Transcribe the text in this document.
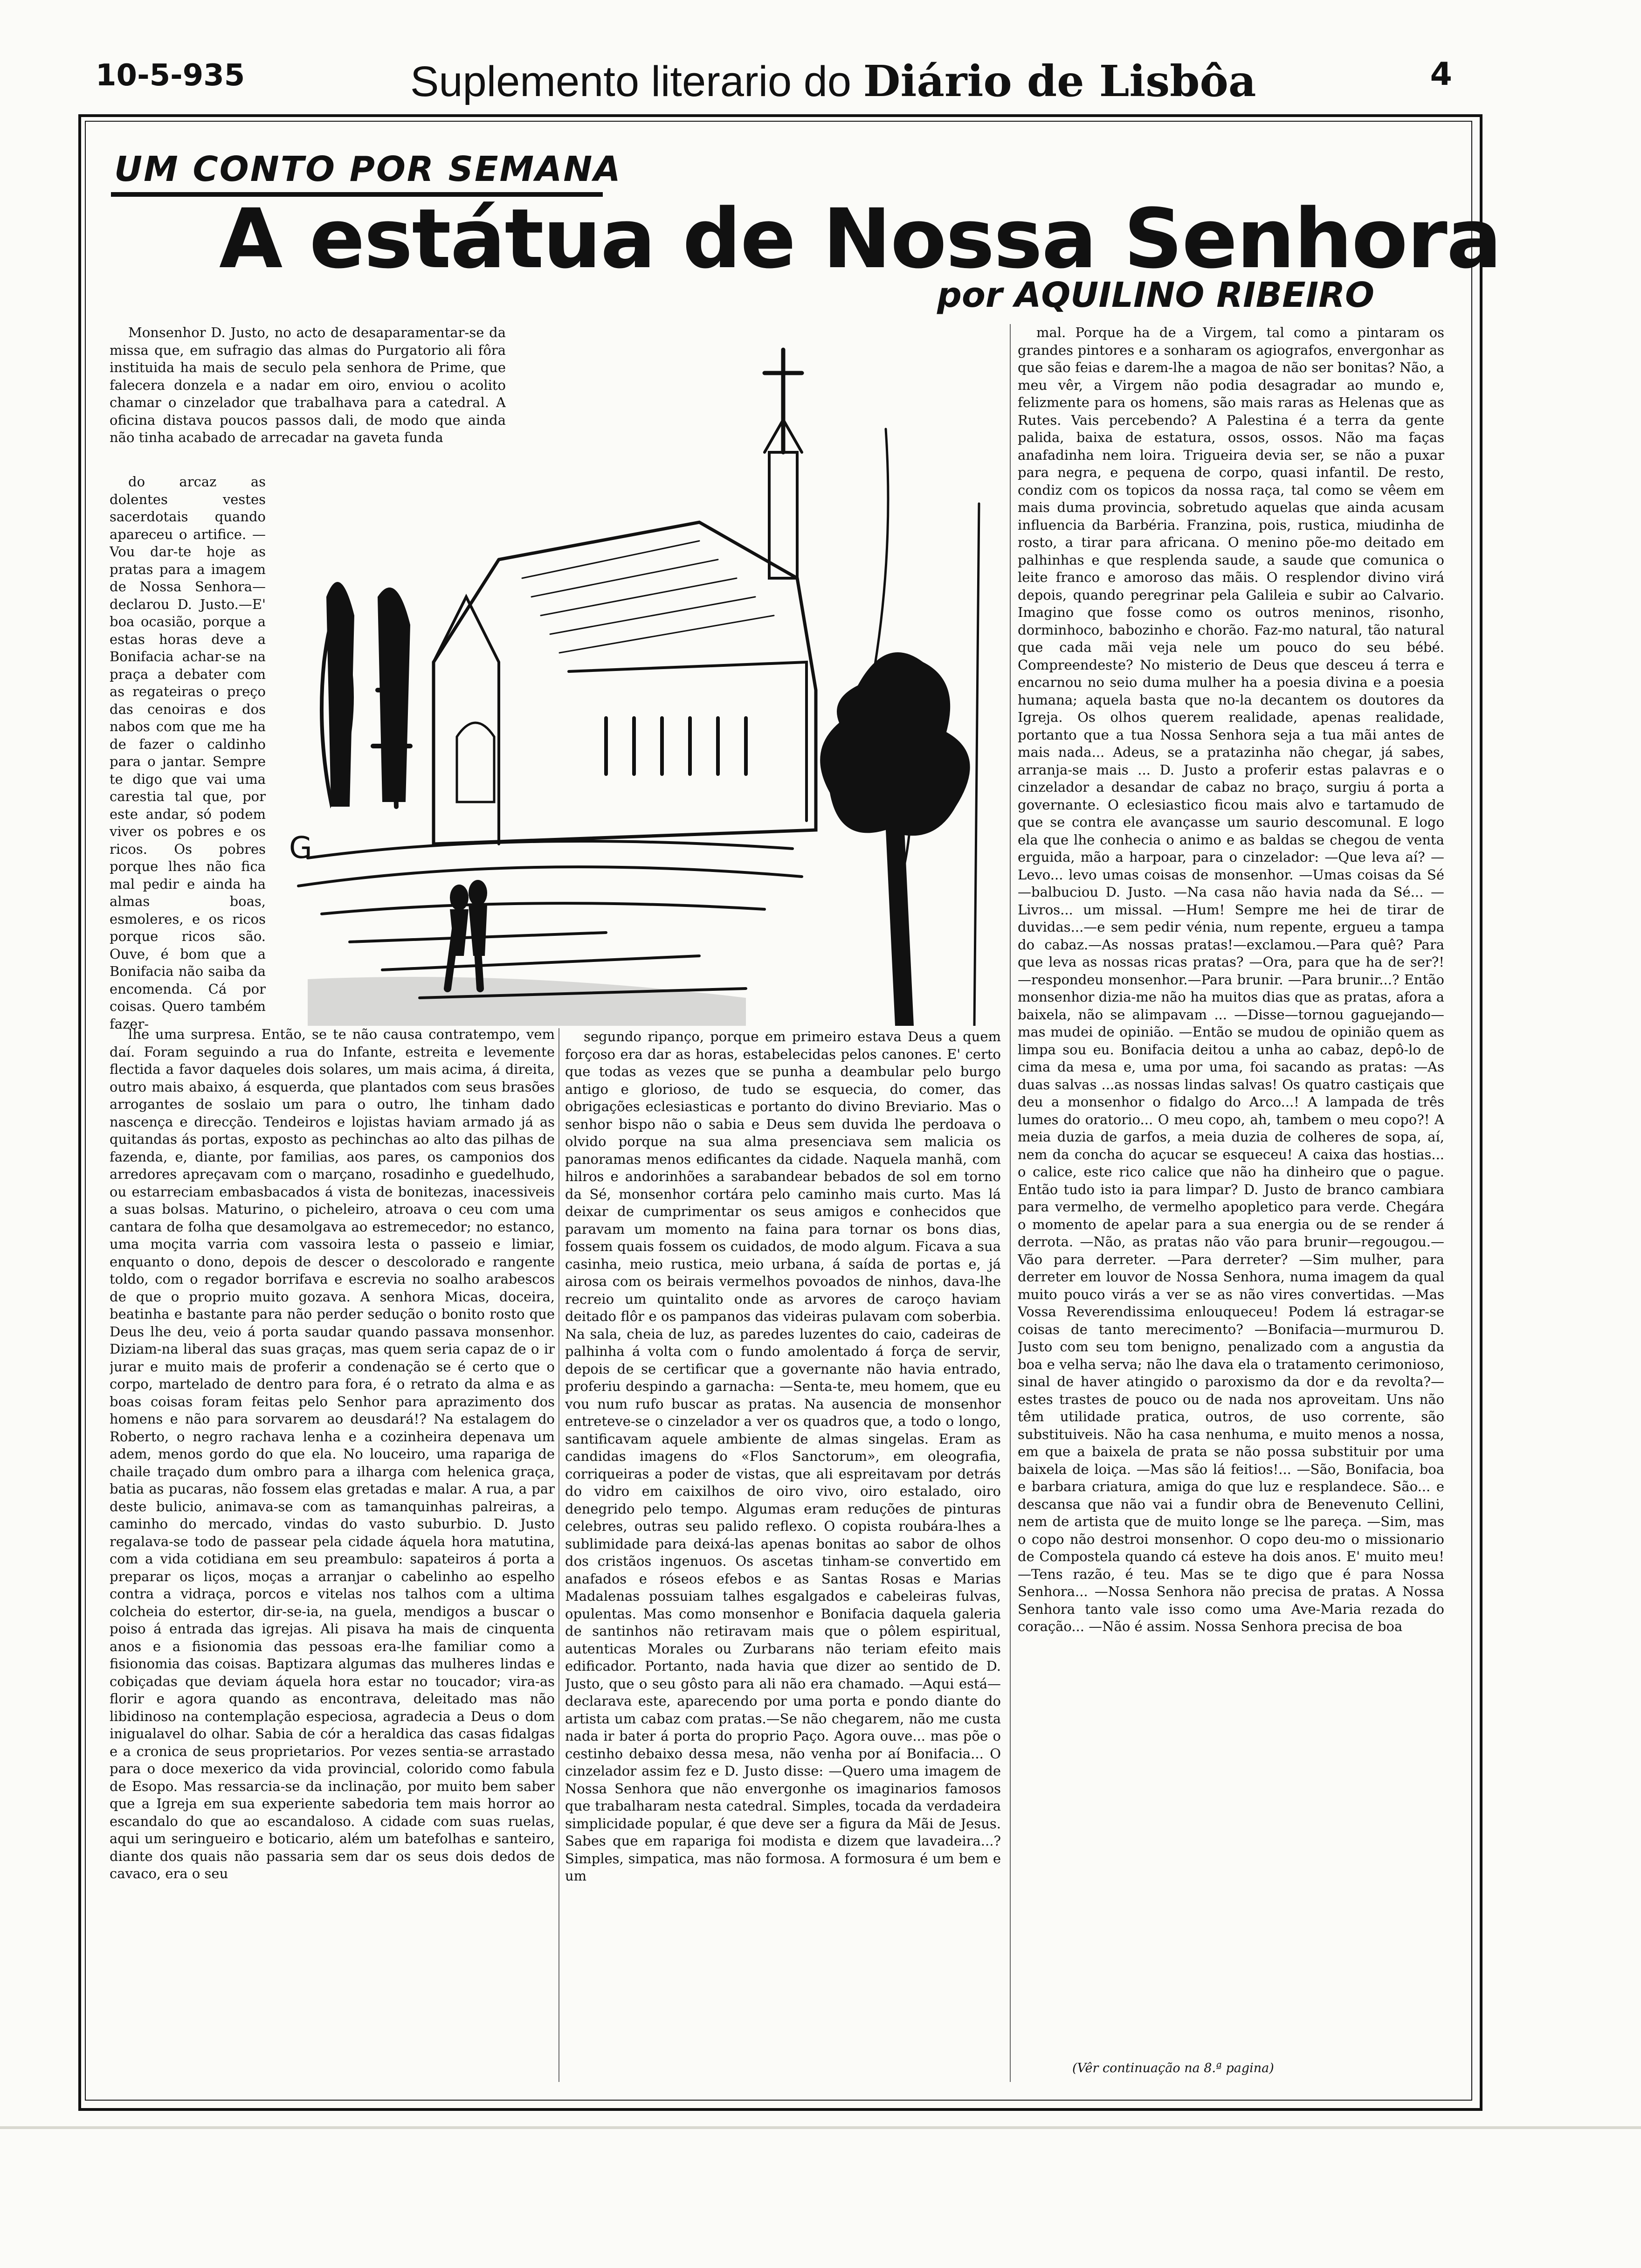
10-5-935	Suplemento literario do Diário de Lisbôa	4
UM CONTO POR SEMANA
A estátua de Nossa Senhora
por AQUILINO RIBEIRO

Monsenhor D. Justo, no acto de desaparamentar-se da missa que, em sufragio das almas do Purgatorio ali fôra instituida ha mais de seculo pela senhora de Prime, que falecera donzela e a nadar em oiro, enviou o acolito chamar o cinzelador que trabalhava para a catedral. A oficina distava poucos passos dali, de modo que ainda não tinha acabado de arrecadar na gaveta funda

do arcaz as dolentes vestes sacerdotais quando apareceu o artifice. —Vou dar-te hoje as pratas para a imagem de Nossa Senhora—declarou D. Justo.—E' boa ocasião, porque a estas horas deve a Bonifacia achar-se na praça a debater com as regateiras o preço das cenoiras e dos nabos com que me ha de fazer o caldinho para o jantar. Sempre te digo que vai uma carestia tal que, por este andar, só podem viver os pobres e os ricos. Os pobres porque lhes não fica mal pedir e ainda ha almas boas, esmoleres, e os ricos porque ricos são. Ouve, é bom que a Bonifacia não saiba da encomenda. Cá por coisas. Quero também fazer-

lhe uma surpresa. Então, se te não causa contratempo, vem daí. Foram seguindo a rua do Infante, estreita e levemente flectida a favor daqueles dois solares, um mais acima, á direita, outro mais abaixo, á esquerda, que plantados com seus brasões arrogantes de soslaio um para o outro, lhe tinham dado nascença e direcção. Tendeiros e lojistas haviam armado já as quitandas ás portas, exposto as pechinchas ao alto das pilhas de fazenda, e, diante, por familias, aos pares, os camponios dos arredores apreçavam com o marçano, rosadinho e guedelhudo, ou estarreciam embasbacados á vista de bonitezas, inacessiveis a suas bolsas. Maturino, o picheleiro, atroava o ceu com uma cantara de folha que desamolgava ao estremecedor; no estanco, uma moçita varria com vassoira lesta o passeio e limiar, enquanto o dono, depois de descer o descolorado e rangente toldo, com o regador borrifava e escrevia no soalho arabescos de que o proprio muito gozava. A senhora Micas, doceira, beatinha e bastante para não perder sedução o bonito rosto que Deus lhe deu, veio á porta saudar quando passava monsenhor. Diziam-na liberal das suas graças, mas quem seria capaz de o ir jurar e muito mais de proferir a condenação se é certo que o corpo, martelado de dentro para fora, é o retrato da alma e as boas coisas foram feitas pelo Senhor para aprazimento dos homens e não para sorvarem ao deusdará!? Na estalagem do Roberto, o negro rachava lenha e a cozinheira depenava um adem, menos gordo do que ela. No louceiro, uma rapariga de chaile traçado dum ombro para a ilharga com helenica graça, batia as pucaras, não fossem elas gretadas e malar. A rua, a par deste bulicio, animava-se com as tamanquinhas palreiras, a caminho do mercado, vindas do vasto suburbio. D. Justo regalava-se todo de passear pela cidade áquela hora matutina, com a vida cotidiana em seu preambulo: sapateiros á porta a preparar os liços, moças a arranjar o cabelinho ao espelho contra a vidraça, porcos e vitelas nos talhos com a ultima colcheia do estertor, dir-se-ia, na guela, mendigos a buscar o poiso á entrada das igrejas. Ali pisava ha mais de cinquenta anos e a fisionomia das pessoas era-lhe familiar como a fisionomia das coisas. Baptizara algumas das mulheres lindas e cobiçadas que deviam áquela hora estar no toucador; vira-as florir e agora quando as encontrava, deleitado mas não libidinoso na contemplação especiosa, agradecia a Deus o dom inigualavel do olhar. Sabia de cór a heraldica das casas fidalgas e a cronica de seus proprietarios. Por vezes sentia-se arrastado para o doce mexerico da vida provincial, colorido como fabula de Esopo. Mas ressarcia-se da inclinação, por muito bem saber que a Igreja em sua experiente sabedoria tem mais horror ao escandalo do que ao escandaloso. A cidade com suas ruelas, aqui um seringueiro e boticario, além um batefolhas e santeiro, diante dos quais não passaria sem dar os seus dois dedos de cavaco, era o seu

segundo ripanço, porque em primeiro estava Deus a quem forçoso era dar as horas, estabelecidas pelos canones. E' certo que todas as vezes que se punha a deambular pelo burgo antigo e glorioso, de tudo se esquecia, do comer, das obrigações eclesiasticas e portanto do divino Breviario. Mas o senhor bispo não o sabia e Deus sem duvida lhe perdoava o olvido porque na sua alma presenciava sem malicia os panoramas menos edificantes da cidade. Naquela manhã, com hilros e andorinhões a sarabandear bebados de sol em torno da Sé, monsenhor cortára pelo caminho mais curto. Mas lá deixar de cumprimentar os seus amigos e conhecidos que paravam um momento na faina para tornar os bons dias, fossem quais fossem os cuidados, de modo algum. Ficava a sua casinha, meio rustica, meio urbana, á saída de portas e, já airosa com os beirais vermelhos povoados de ninhos, dava-lhe recreio um quintalito onde as arvores de caroço haviam deitado flôr e os pampanos das videiras pulavam com soberbia. Na sala, cheia de luz, as paredes luzentes do caio, cadeiras de palhinha á volta com o fundo amolentado á força de servir, depois de se certificar que a governante não havia entrado, proferiu despindo a garnacha: —Senta-te, meu homem, que eu vou num rufo buscar as pratas. Na ausencia de monsenhor entreteve-se o cinzelador a ver os quadros que, a todo o longo, santificavam aquele ambiente de almas singelas. Eram as candidas imagens do «Flos Sanctorum», em oleografia, corriqueiras a poder de vistas, que ali espreitavam por detrás do vidro em caixilhos de oiro vivo, oiro estalado, oiro denegrido pelo tempo. Algumas eram reduções de pinturas celebres, outras seu palido reflexo. O copista roubára-lhes a sublimidade para deixá-las apenas bonitas ao sabor de olhos dos cristãos ingenuos. Os ascetas tinham-se convertido em anafados e róseos efebos e as Santas Rosas e Marias Madalenas possuiam talhes esgalgados e cabeleiras fulvas, opulentas. Mas como monsenhor e Bonifacia daquela galeria de santinhos não retiravam mais que o pôlem espiritual, autenticas Morales ou Zurbarans não teriam efeito mais edificador. Portanto, nada havia que dizer ao sentido de D. Justo, que o seu gôsto para ali não era chamado. —Aqui está—declarava este, aparecendo por uma porta e pondo diante do artista um cabaz com pratas.—Se não chegarem, não me custa nada ir bater á porta do proprio Paço. Agora ouve... mas põe o cestinho debaixo dessa mesa, não venha por aí Bonifacia... O cinzelador assim fez e D. Justo disse: —Quero uma imagem de Nossa Senhora que não envergonhe os imaginarios famosos que trabalharam nesta catedral. Simples, tocada da verdadeira simplicidade popular, é que deve ser a figura da Mãi de Jesus. Sabes que em rapariga foi modista e dizem que lavadeira...? Simples, simpatica, mas não formosa. A formosura é um bem e um

mal. Porque ha de a Virgem, tal como a pintaram os grandes pintores e a sonharam os agiografos, envergonhar as que são feias e darem-lhe a magoa de não ser bonitas? Não, a meu vêr, a Virgem não podia desagradar ao mundo e, felizmente para os homens, são mais raras as Helenas que as Rutes. Vais percebendo? A Palestina é a terra da gente palida, baixa de estatura, ossos, ossos. Não ma faças anafadinha nem loira. Trigueira devia ser, se não a puxar para negra, e pequena de corpo, quasi infantil. De resto, condiz com os topicos da nossa raça, tal como se vêem em mais duma provincia, sobretudo aquelas que ainda acusam influencia da Barbéria. Franzina, pois, rustica, miudinha de rosto, a tirar para africana. O menino põe-mo deitado em palhinhas e que resplenda saude, a saude que comunica o leite franco e amoroso das mãis. O resplendor divino virá depois, quando peregrinar pela Galileia e subir ao Calvario. Imagino que fosse como os outros meninos, risonho, dorminhoco, babozinho e chorão. Faz-mo natural, tão natural que cada mãi veja nele um pouco do seu bébé. Compreendeste? No misterio de Deus que desceu á terra e encarnou no seio duma mulher ha a poesia divina e a poesia humana; aquela basta que no-la decantem os doutores da Igreja. Os olhos querem realidade, apenas realidade, portanto que a tua Nossa Senhora seja a tua mãi antes de mais nada... Adeus, se a pratazinha não chegar, já sabes, arranja-se mais ... D. Justo a proferir estas palavras e o cinzelador a desandar de cabaz no braço, surgiu á porta a governante. O eclesiastico ficou mais alvo e tartamudo de que se contra ele avançasse um saurio descomunal. E logo ela que lhe conhecia o animo e as baldas se chegou de venta erguida, mão a harpoar, para o cinzelador: —Que leva aí? —Levo... levo umas coisas de monsenhor. —Umas coisas da Sé—balbuciou D. Justo. —Na casa não havia nada da Sé... —Livros... um missal. —Hum! Sempre me hei de tirar de duvidas...—e sem pedir vénia, num repente, ergueu a tampa do cabaz.—As nossas pratas!—exclamou.—Para quê? Para que leva as nossas ricas pratas? —Ora, para que ha de ser?!—respondeu monsenhor.—Para brunir. —Para brunir...? Então monsenhor dizia-me não ha muitos dias que as pratas, afora a baixela, não se alimpavam ... —Disse—tornou gaguejando—mas mudei de opinião. —Então se mudou de opinião quem as limpa sou eu. Bonifacia deitou a unha ao cabaz, depô-lo de cima da mesa e, uma por uma, foi sacando as pratas: —As duas salvas ...as nossas lindas salvas! Os quatro castiçais que deu a monsenhor o fidalgo do Arco...! A lampada de três lumes do oratorio... O meu copo, ah, tambem o meu copo?! A meia duzia de garfos, a meia duzia de colheres de sopa, aí, nem da concha do açucar se esqueceu! A caixa das hostias... o calice, este rico calice que não ha dinheiro que o pague. Então tudo isto ia para limpar? D. Justo de branco cambiara para vermelho, de vermelho apopletico para verde. Chegára o momento de apelar para a sua energia ou de se render á derrota. —Não, as pratas não vão para brunir—regougou.—Vão para derreter. —Para derreter? —Sim mulher, para derreter em louvor de Nossa Senhora, numa imagem da qual muito pouco virás a ver se as não vires convertidas. —Mas Vossa Reverendissima enlouqueceu! Podem lá estragar-se coisas de tanto merecimento? —Bonifacia—murmurou D. Justo com seu tom benigno, penalizado com a angustia da boa e velha serva; não lhe dava ela o tratamento cerimonioso, sinal de haver atingido o paroxismo da dor e da revolta?—estes trastes de pouco ou de nada nos aproveitam. Uns não têm utilidade pratica, outros, de uso corrente, são substituiveis. Não ha casa nenhuma, e muito menos a nossa, em que a baixela de prata se não possa substituir por uma baixela de loiça. —Mas são lá feitios!... —São, Bonifacia, boa e barbara criatura, amiga do que luz e resplandece. São... e descansa que não vai a fundir obra de Benevenuto Cellini, nem de artista que de muito longe se lhe pareça. —Sim, mas o copo não destroi monsenhor. O copo deu-mo o missionario de Compostela quando cá esteve ha dois anos. E' muito meu! —Tens razão, é teu. Mas se te digo que é para Nossa Senhora... —Nossa Senhora não precisa de pratas. A Nossa Senhora tanto vale isso como uma Ave-Maria rezada do coração... —Não é assim. Nossa Senhora precisa de boa

(Vêr continuação na 8.ª pagina)
G
